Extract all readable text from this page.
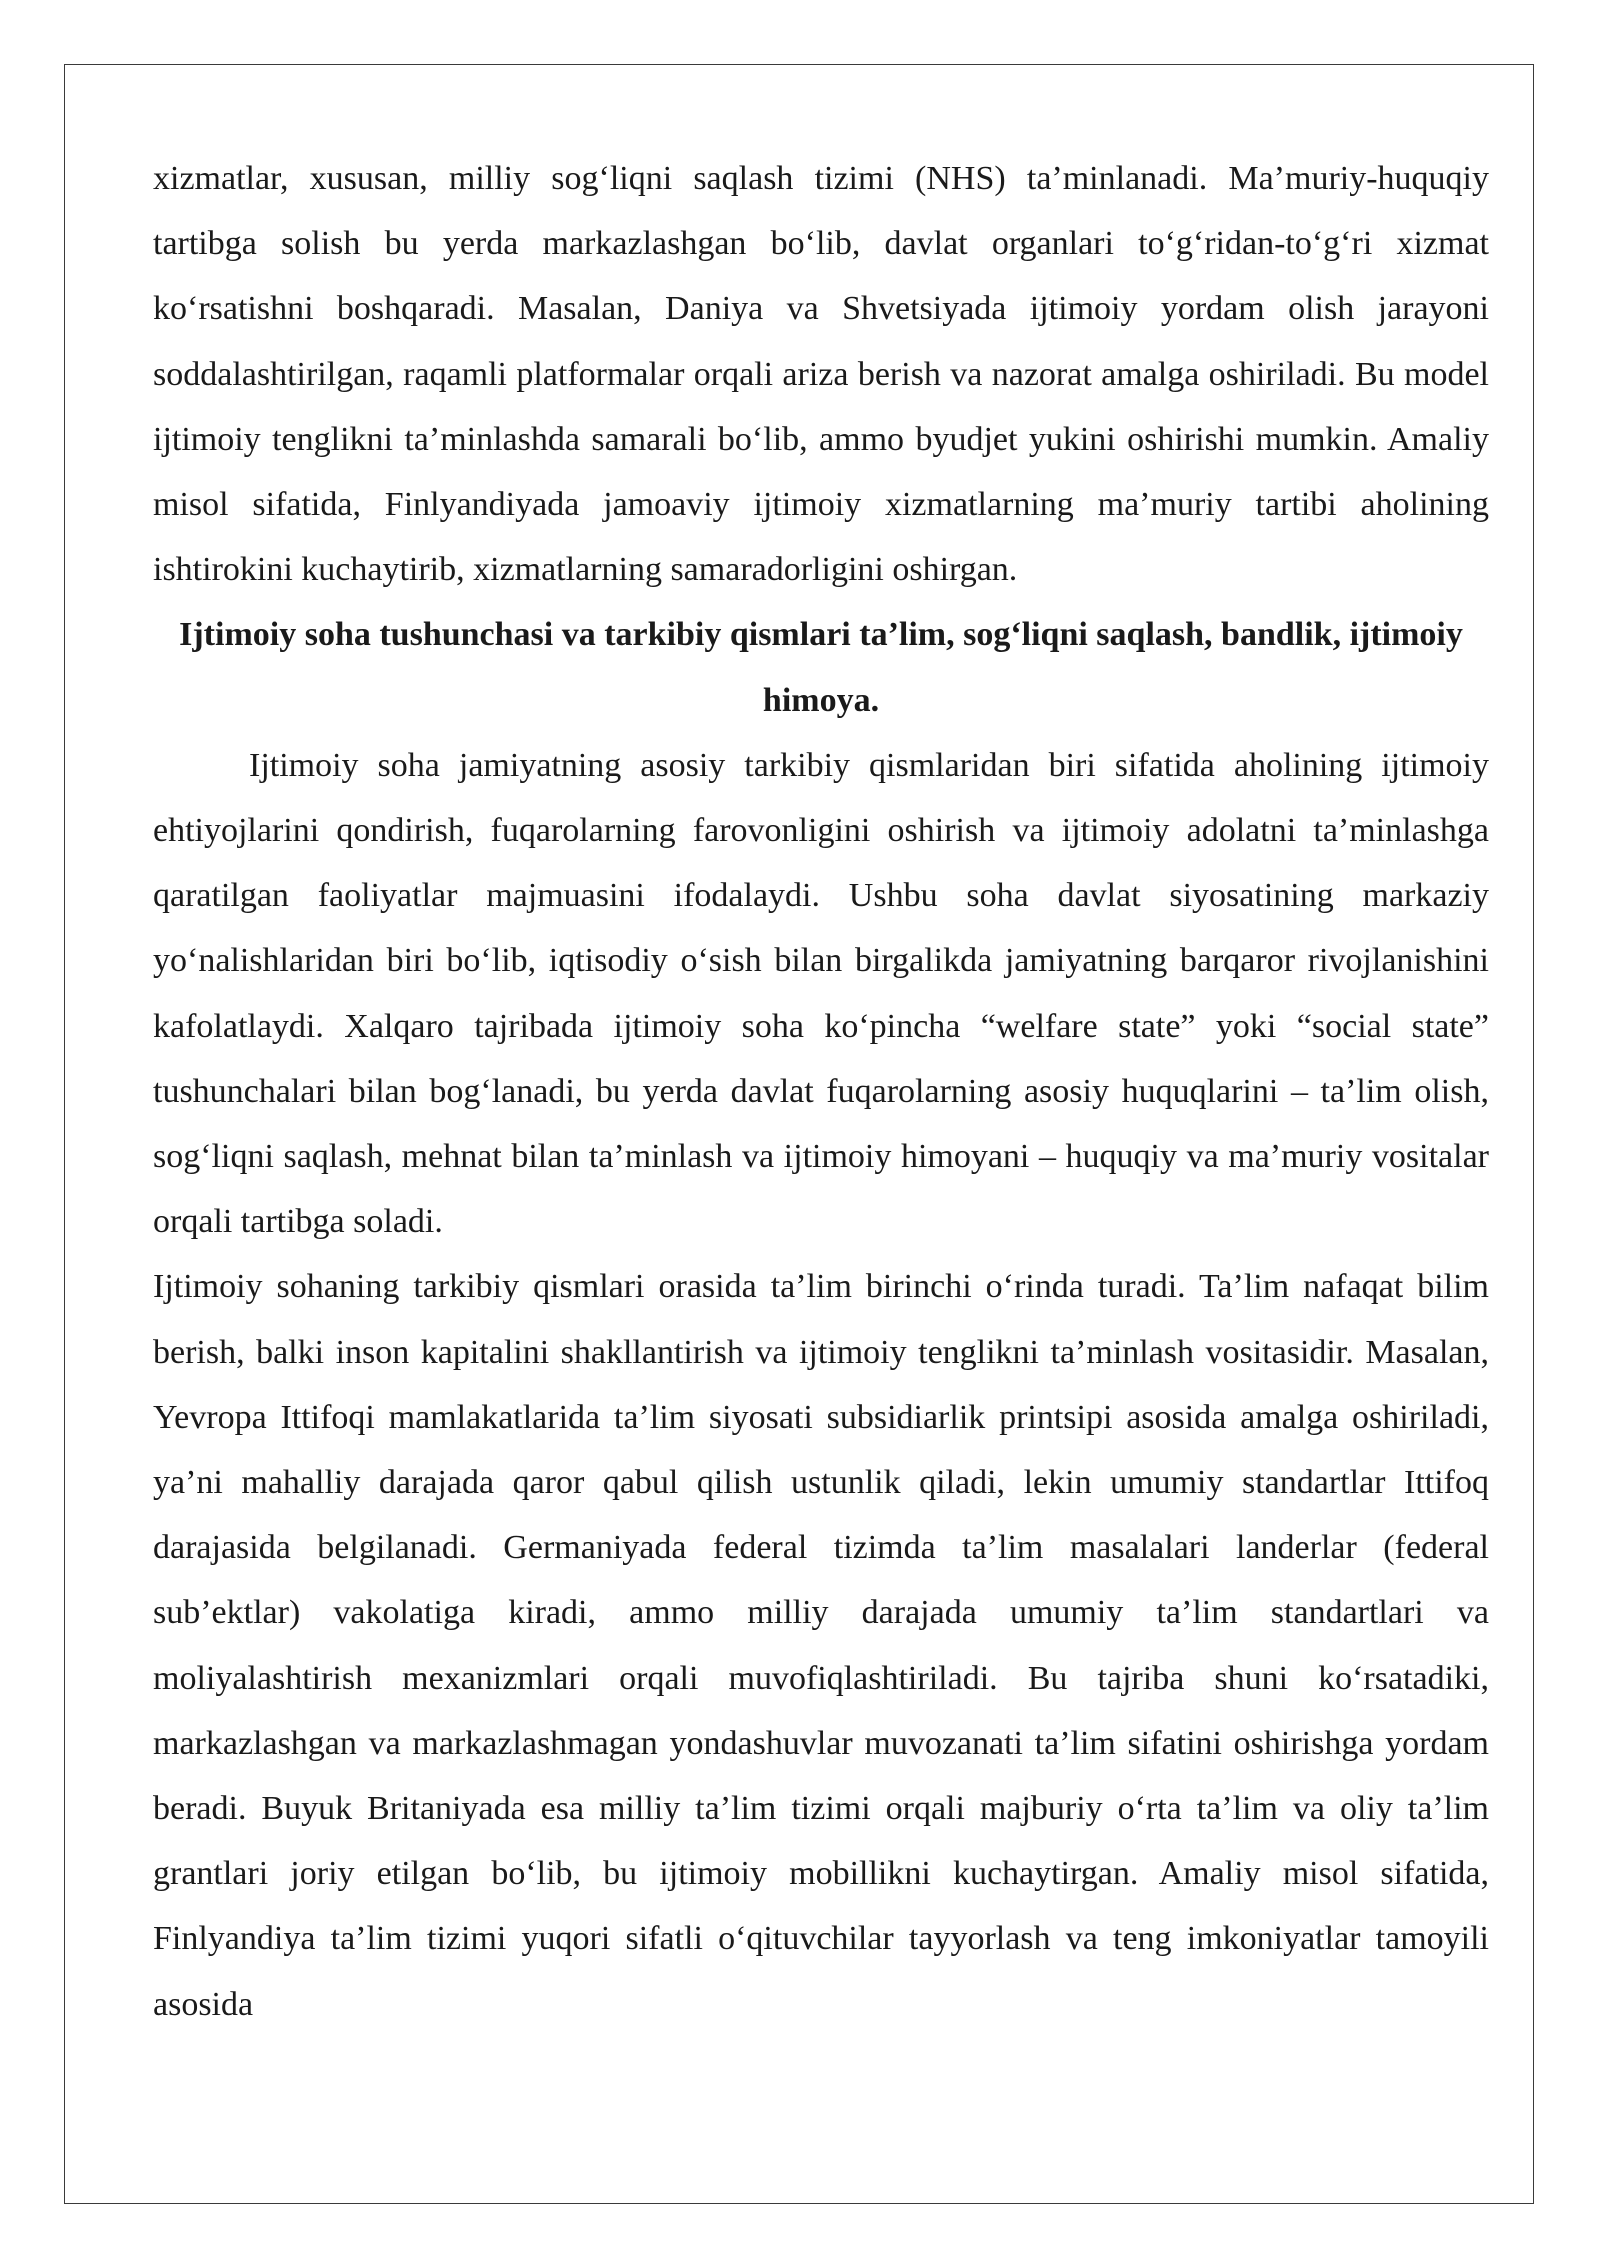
xizmatlar, xususan, milliy sog‘liqni saqlash tizimi (NHS) ta’minlanadi. Ma’muriy-huquqiy tartibga solish bu yerda markazlashgan bo‘lib, davlat organlari to‘g‘ridan-to‘g‘ri xizmat ko‘rsatishni boshqaradi. Masalan, Daniya va Shvetsiyada ijtimoiy yordam olish jarayoni soddalashtirilgan, raqamli platformalar orqali ariza berish va nazorat amalga oshiriladi. Bu model ijtimoiy tenglikni ta’minlashda samarali bo‘lib, ammo byudjet yukini oshirishi mumkin. Amaliy misol sifatida, Finlyandiyada jamoaviy ijtimoiy xizmatlarning ma’muriy tartibi aholining ishtirokini kuchaytirib, xizmatlarning samaradorligini oshirgan.

Ijtimoiy soha tushunchasi va tarkibiy qismlari ta’lim, sog‘liqni saqlash, bandlik, ijtimoiy himoya.

Ijtimoiy soha jamiyatning asosiy tarkibiy qismlaridan biri sifatida aholining ijtimoiy ehtiyojlarini qondirish, fuqarolarning farovonligini oshirish va ijtimoiy adolatni ta’minlashga qaratilgan faoliyatlar majmuasini ifodalaydi. Ushbu soha davlat siyosatining markaziy yo‘nalishlaridan biri bo‘lib, iqtisodiy o‘sish bilan birgalikda jamiyatning barqaror rivojlanishini kafolatlaydi. Xalqaro tajribada ijtimoiy soha ko‘pincha “welfare state” yoki “social state” tushunchalari bilan bog‘lanadi, bu yerda davlat fuqarolarning asosiy huquqlarini – ta’lim olish, sog‘liqni saqlash, mehnat bilan ta’minlash va ijtimoiy himoyani – huquqiy va ma’muriy vositalar orqali tartibga soladi.

Ijtimoiy sohaning tarkibiy qismlari orasida ta’lim birinchi o‘rinda turadi. Ta’lim nafaqat bilim berish, balki inson kapitalini shakllantirish va ijtimoiy tenglikni ta’minlash vositasidir. Masalan, Yevropa Ittifoqi mamlakatlarida ta’lim siyosati subsidiarlik printsipi asosida amalga oshiriladi, ya’ni mahalliy darajada qaror qabul qilish ustunlik qiladi, lekin umumiy standartlar Ittifoq darajasida belgilanadi. Germaniyada federal tizimda ta’lim masalalari landerlar (federal sub’ektlar) vakolatiga kiradi, ammo milliy darajada umumiy ta’lim standartlari va moliyalashtirish mexanizmlari orqali muvofiqlashtiriladi. Bu tajriba shuni ko‘rsatadiki, markazlashgan va markazlashmagan yondashuvlar muvozanati ta’lim sifatini oshirishga yordam beradi. Buyuk Britaniyada esa milliy ta’lim tizimi orqali majburiy o‘rta ta’lim va oliy ta’lim grantlari joriy etilgan bo‘lib, bu ijtimoiy mobillikni kuchaytirgan. Amaliy misol sifatida, Finlyandiya ta’lim tizimi yuqori sifatli o‘qituvchilar tayyorlash va teng imkoniyatlar tamoyili asosida
